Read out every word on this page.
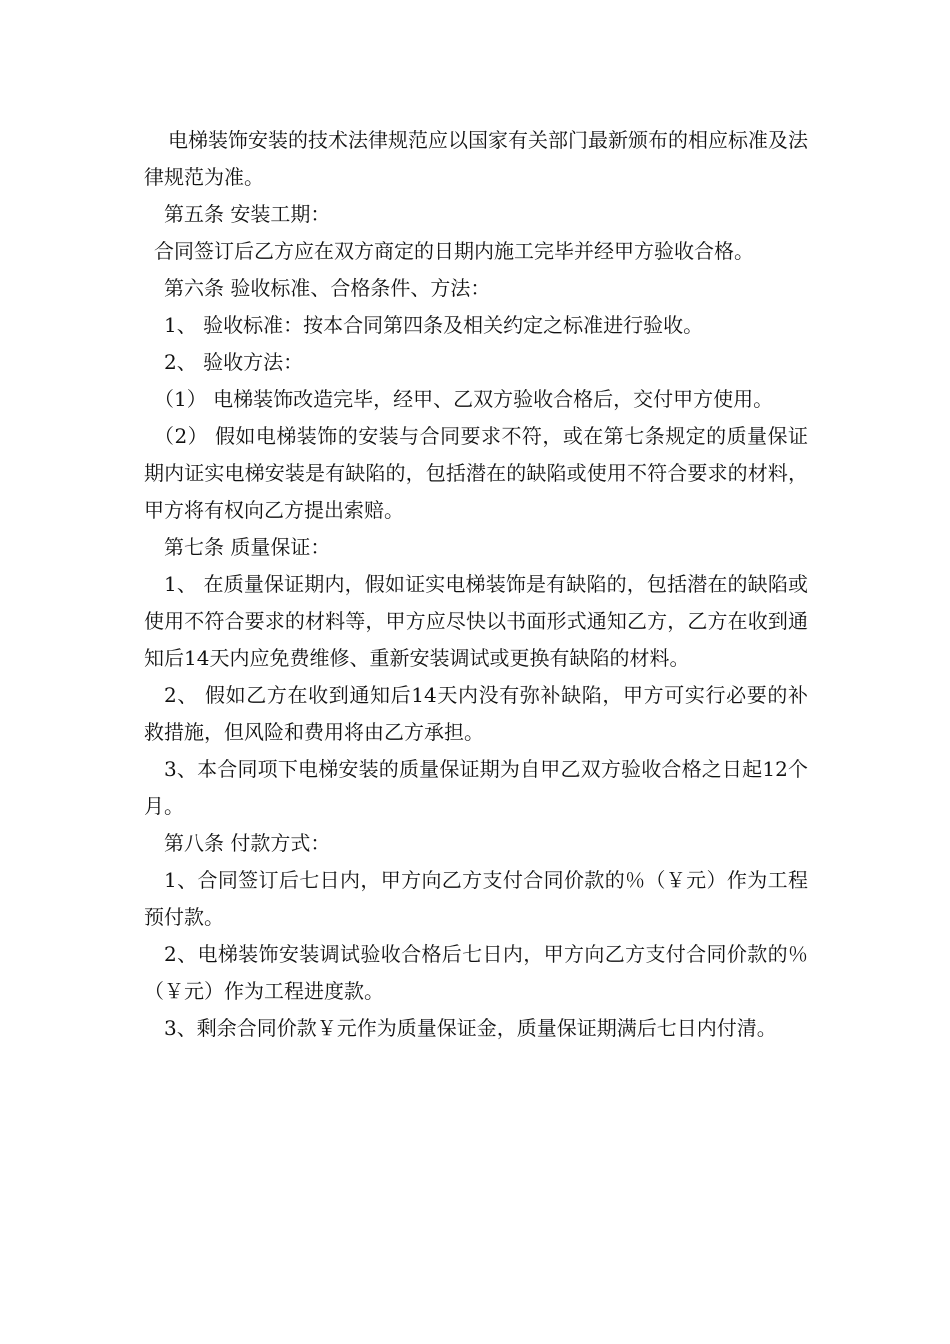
电梯装饰安装的技术法律规范应以国家有关部门最新颁布的相应标准及法律规范为准。

第五条 安装工期：

合同签订后乙方应在双方商定的日期内施工完毕并经甲方验收合格。

第六条 验收标准、合格条件、方法：

1、 验收标准：按本合同第四条及相关约定之标准进行验收。

2、 验收方法：

（1） 电梯装饰改造完毕，经甲、乙双方验收合格后，交付甲方使用。

（2） 假如电梯装饰的安装与合同要求不符，或在第七条规定的质量保证期内证实电梯安装是有缺陷的，包括潜在的缺陷或使用不符合要求的材料，甲方将有权向乙方提出索赔。

第七条 质量保证：

1、 在质量保证期内，假如证实电梯装饰是有缺陷的，包括潜在的缺陷或使用不符合要求的材料等，甲方应尽快以书面形式通知乙方，乙方在收到通知后14天内应免费维修、重新安装调试或更换有缺陷的材料。

2、 假如乙方在收到通知后14天内没有弥补缺陷，甲方可实行必要的补救措施，但风险和费用将由乙方承担。

3、本合同项下电梯安装的质量保证期为自甲乙双方验收合格之日起12个月。

第八条 付款方式：

1、合同签订后七日内，甲方向乙方支付合同价款的％（￥元）作为工程预付款。

2、电梯装饰安装调试验收合格后七日内，甲方向乙方支付合同价款的％（￥元）作为工程进度款。

3、剩余合同价款￥元作为质量保证金，质量保证期满后七日内付清。
